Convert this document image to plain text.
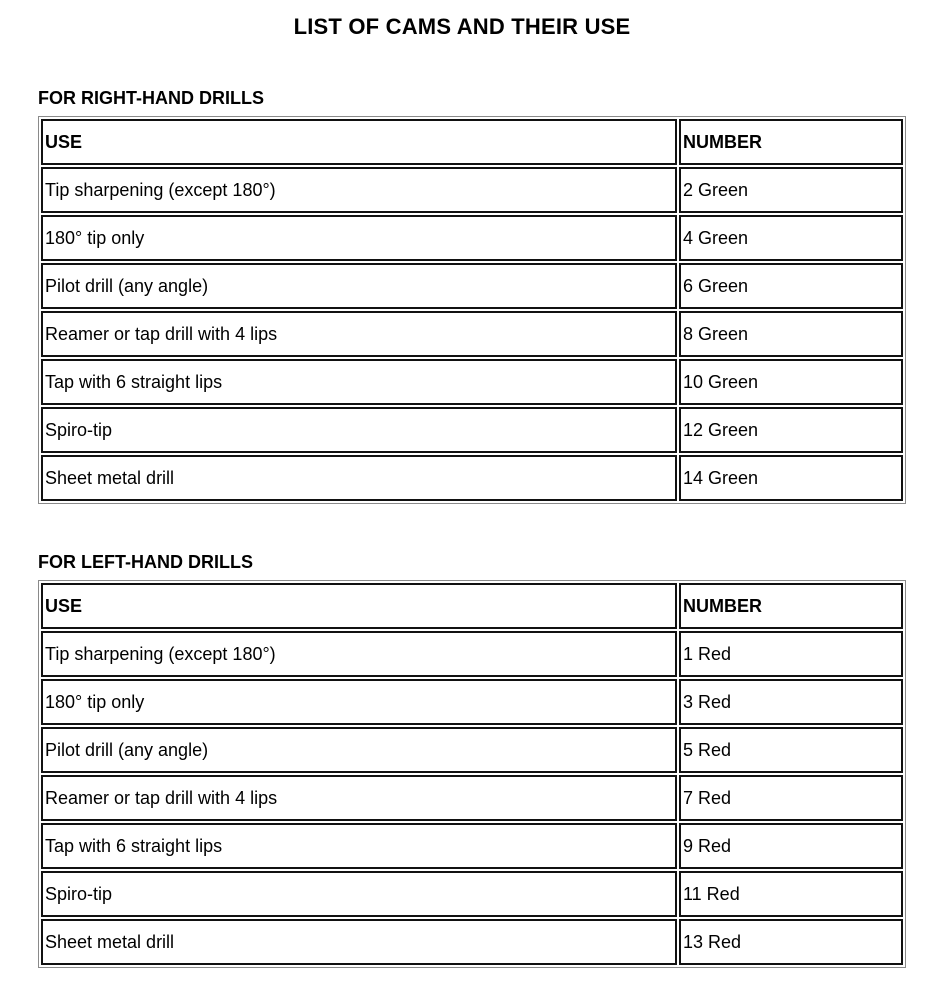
LIST OF CAMS AND THEIR USE
FOR RIGHT-HAND DRILLS
USE	NUMBER
Tip sharpening (except 180°)	2 Green
180° tip only	4 Green
Pilot drill (any angle)	6 Green
Reamer or tap drill with 4 lips	8 Green
Tap with 6 straight lips	10 Green
Spiro-tip	12 Green
Sheet metal drill	14 Green
FOR LEFT-HAND DRILLS
USE	NUMBER
Tip sharpening (except 180°)	1 Red
180° tip only	3 Red
Pilot drill (any angle)	5 Red
Reamer or tap drill with 4 lips	7 Red
Tap with 6 straight lips	9 Red
Spiro-tip	11 Red
Sheet metal drill	13 Red
